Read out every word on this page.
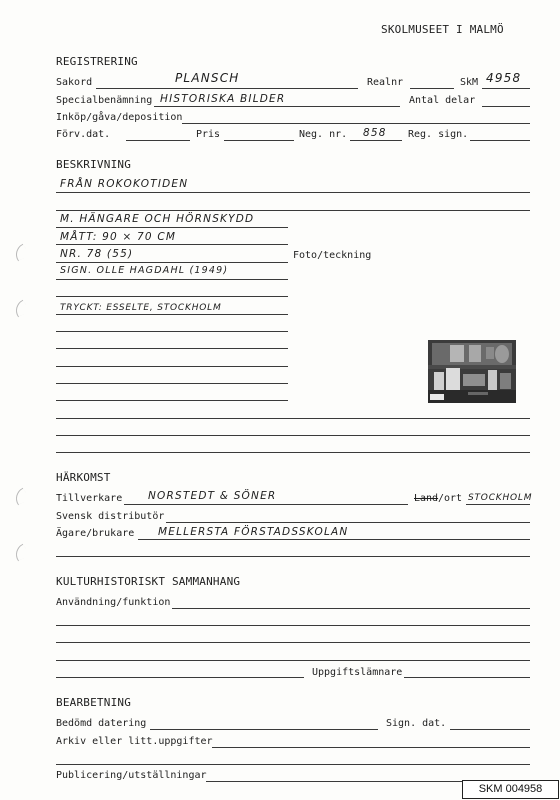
SKOLMUSEET I MALMÖ
REGISTRERING
Sakord	PLANSCH	Realnr	SkM 4958
Specialbenämning HISTORISKA BILDER	Antal delar
Inköp/gåva/deposition
Förv.dat.	Pris	Neg. nr. 858 Reg. sign.
BESKRIVNING
FRÅN ROKOKOTIDEN
M. HÄNGARE OCH HÖRNSKYDD
MÅTT: 90 × 70 CM
NR. 78 (55)
SIGN. OLLE HAGDAHL (1949)
TRYCKT: ESSELTE, STOCKHOLM
Foto/teckning
HÄRKOMST
Tillverkare NORSTEDT & SÖNER	Land /ort STOCKHOLM
Svensk distributör
Ägare/brukare MELLERSTA FÖRSTADSSKOLAN
KULTURHISTORISKT SAMMANHANG
Användning/funktion
Uppgiftslämnare
BEARBETNING
Bedömd datering	Sign. dat.
Arkiv eller litt.uppgifter
Publicering/utställningar
SKM 004958
